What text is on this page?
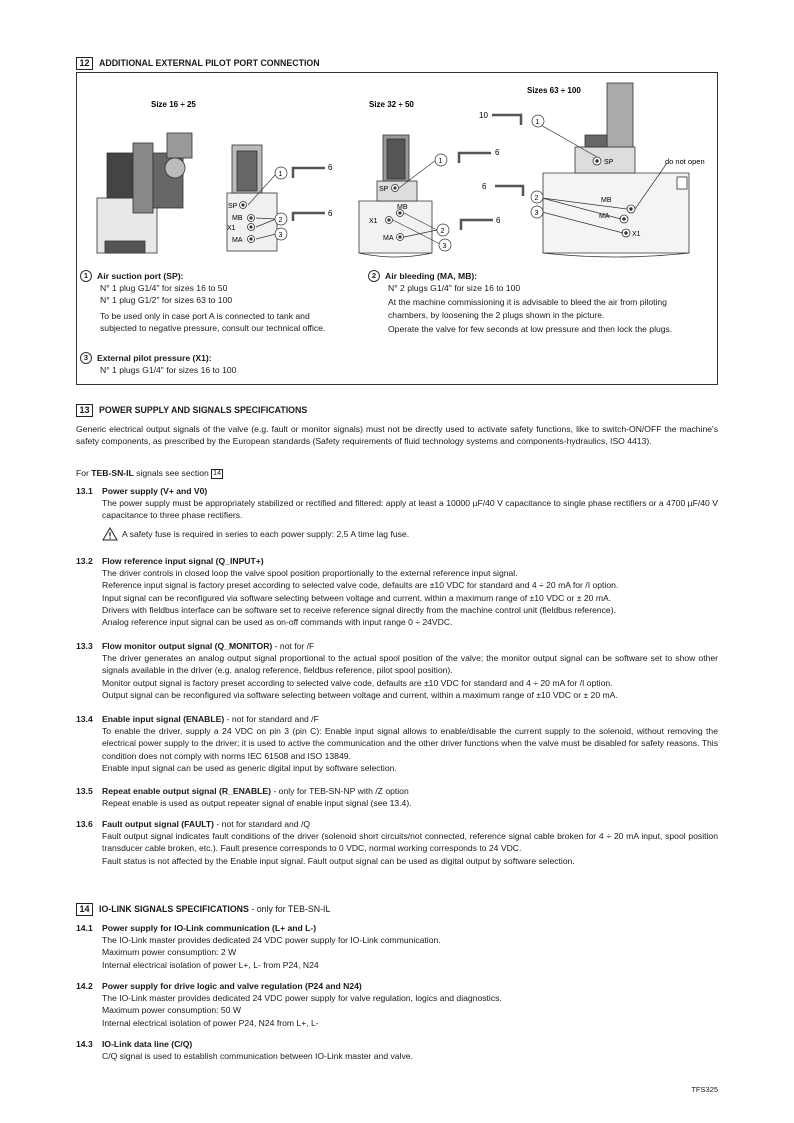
12	ADDITIONAL EXTERNAL PILOT PORT CONNECTION
Size 16 ÷ 25	Size 32 ÷ 50
Sizes 63 ÷ 100
SP
MB
X1
MA
1
2
3
6
6
SP
MB
X1
MA
1
2
3
6
6
SP
MB
MA
X1
do not open
1
2
3
10
6
1	Air suction port (SP):
N° 1 plug G1/4" for sizes 16 to 50
N° 1 plug G1/2" for sizes 63 to 100
To be used only in case port A is connected to tank and
subjected to negative pressure, consult our technical office.
2	Air bleeding (MA, MB):
N° 2 plugs G1/4" for size 16 to 100
At the machine commissioning it is advisable to bleed the air from piloting
chambers, by loosening the 2 plugs shown in the picture.
Operate the valve for few seconds at low pressure and then lock the plugs.
3	External pilot pressure (X1):
N° 1 plugs G1/4" for sizes 16 to 100
13	POWER SUPPLY AND SIGNALS SPECIFICATIONS
Generic electrical output signals of the valve (e.g. fault or monitor signals) must not be directly used to activate safety functions, like to switch-ON/OFF the machine's safety components, as prescribed by the European standards (Safety requirements of fluid technology systems and components-hydraulics, ISO 4413).
For TEB-SN-IL signals see section 14
13.1	Power supply (V+ and V0)
The power supply must be appropriately stabilized or rectified and filtered: apply at least a 10000 µF/40 V capacitance to single phase rectifiers or a 4700 µF/40 V capacitance to three phase rectifiers.
A safety fuse is required in series to each power supply: 2,5 A time lag fuse.
13.2	Flow reference input signal (Q_INPUT+)
The driver controls in closed loop the valve spool position proportionally to the external reference input signal.
Reference input signal is factory preset according to selected valve code, defaults are ±10 VDC for standard and 4 ÷ 20 mA for /I option.
Input signal can be reconfigured via software selecting between voltage and current, within a maximum range of ±10 VDC or ± 20 mA.
Drivers with fieldbus interface can be software set to receive reference signal directly from the machine control unit (fieldbus reference).
Analog reference input signal can be used as on-off commands with input range 0 ÷ 24VDC.
13.3	Flow monitor output signal (Q_MONITOR) - not for /F
The driver generates an analog output signal proportional to the actual spool position of the valve; the monitor output signal can be software set to show other signals available in the driver (e.g. analog reference, fieldbus reference, pilot spool position).
Monitor output signal is factory preset according to selected valve code, defaults are ±10 VDC for standard and 4 ÷ 20 mA for /I option.
Output signal can be reconfigured via software selecting between voltage and current, within a maximum range of ±10 VDC or ± 20 mA.
13.4	Enable input signal (ENABLE) - not for standard and /F
To enable the driver, supply a 24 VDC on pin 3 (pin C): Enable input signal allows to enable/disable the current supply to the solenoid, without removing the electrical power supply to the driver; it is used to active the communication and the other driver functions when the valve must be disabled for safety reasons. This condition does not comply with norms IEC 61508 and ISO 13849.
Enable input signal can be used as generic digital input by software selection.
13.5	Repeat enable output signal (R_ENABLE) - only for TEB-SN-NP with /Z option
Repeat enable is used as output repeater signal of enable input signal (see 13.4).
13.6	Fault output signal (FAULT) - not for standard and /Q
Fault output signal indicates fault conditions of the driver (solenoid short circuits/not connected, reference signal cable broken for 4 ÷ 20 mA input, spool position transducer cable broken, etc.). Fault presence corresponds to 0 VDC, normal working corresponds to 24 VDC.
Fault status is not affected by the Enable input signal. Fault output signal can be used as digital output by software selection.
14	IO-LINK SIGNALS SPECIFICATIONS - only for TEB-SN-IL
14.1	Power supply for IO-Link communication (L+ and L-)
The IO-Link master provides dedicated 24 VDC power supply for IO-Link communication.
Maximum power consumption: 2 W
Internal electrical isolation of power L+, L- from P24, N24
14.2	Power supply for drive logic and valve regulation (P24 and N24)
The IO-Link master provides dedicated 24 VDC power supply for valve regulation, logics and diagnostics.
Maximum power consumption: 50 W
Internal electrical isolation of power P24, N24 from L+, L-
14.3	IO-Link data line (C/Q)
C/Q signal is used to establish communication between IO-Link master and valve.
TFS325
